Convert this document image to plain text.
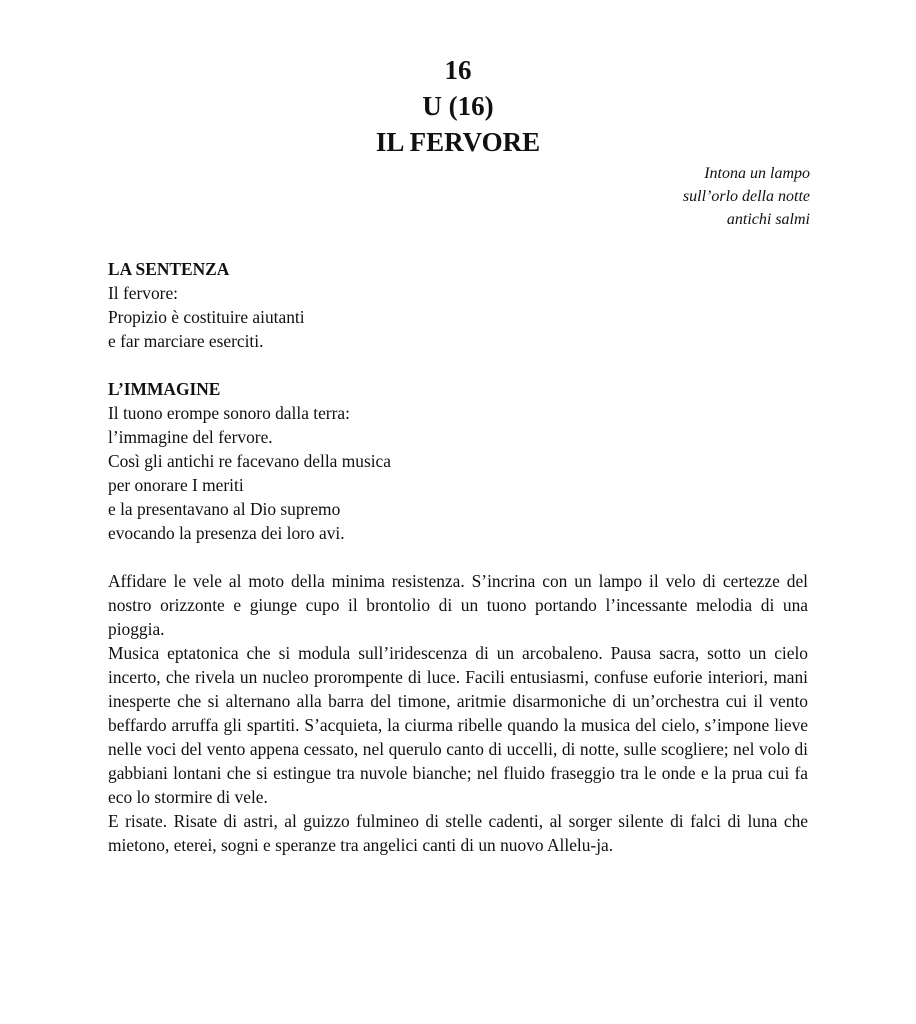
16
U (16)
IL FERVORE
Intona un lampo
sull’orlo della notte
antichi salmi
LA SENTENZA
Il fervore:
Propizio è costituire aiutanti
e far marciare eserciti.
L’IMMAGINE
Il tuono erompe sonoro dalla terra:
l’immagine del fervore.
Così gli antichi re facevano della musica
per onorare I meriti
e la presentavano al Dio supremo
evocando la presenza dei loro avi.
Affidare le vele al moto della minima resistenza. S’incrina con un lampo il velo di certezze del nostro orizzonte e giunge cupo il brontolio di un tuono portando l’incessante melodia di una pioggia.
Musica eptatonica che si modula sull’iridescenza di un arcobaleno. Pausa sacra, sotto un cielo incerto, che rivela un nucleo prorompente di luce. Facili entusiasmi, confuse euforie interiori, mani inesperte che si alternano alla barra del timone, aritmie disarmoniche di un’orchestra cui il vento beffardo arruffa gli spartiti. S’acquieta, la ciurma ribelle quando la musica del cielo, s’impone lieve nelle voci del vento appena cessato, nel querulo canto di uccelli, di notte, sulle scogliere; nel volo di gabbiani lontani che si estingue tra nuvole bianche; nel fluido fraseggio tra le onde e la prua cui fa eco lo stormire di vele.
E risate. Risate di astri, al guizzo fulmineo di stelle cadenti, al sorger silente di falci di luna che mietono, eterei, sogni e speranze tra angelici canti di un nuovo Allelu-ja.
